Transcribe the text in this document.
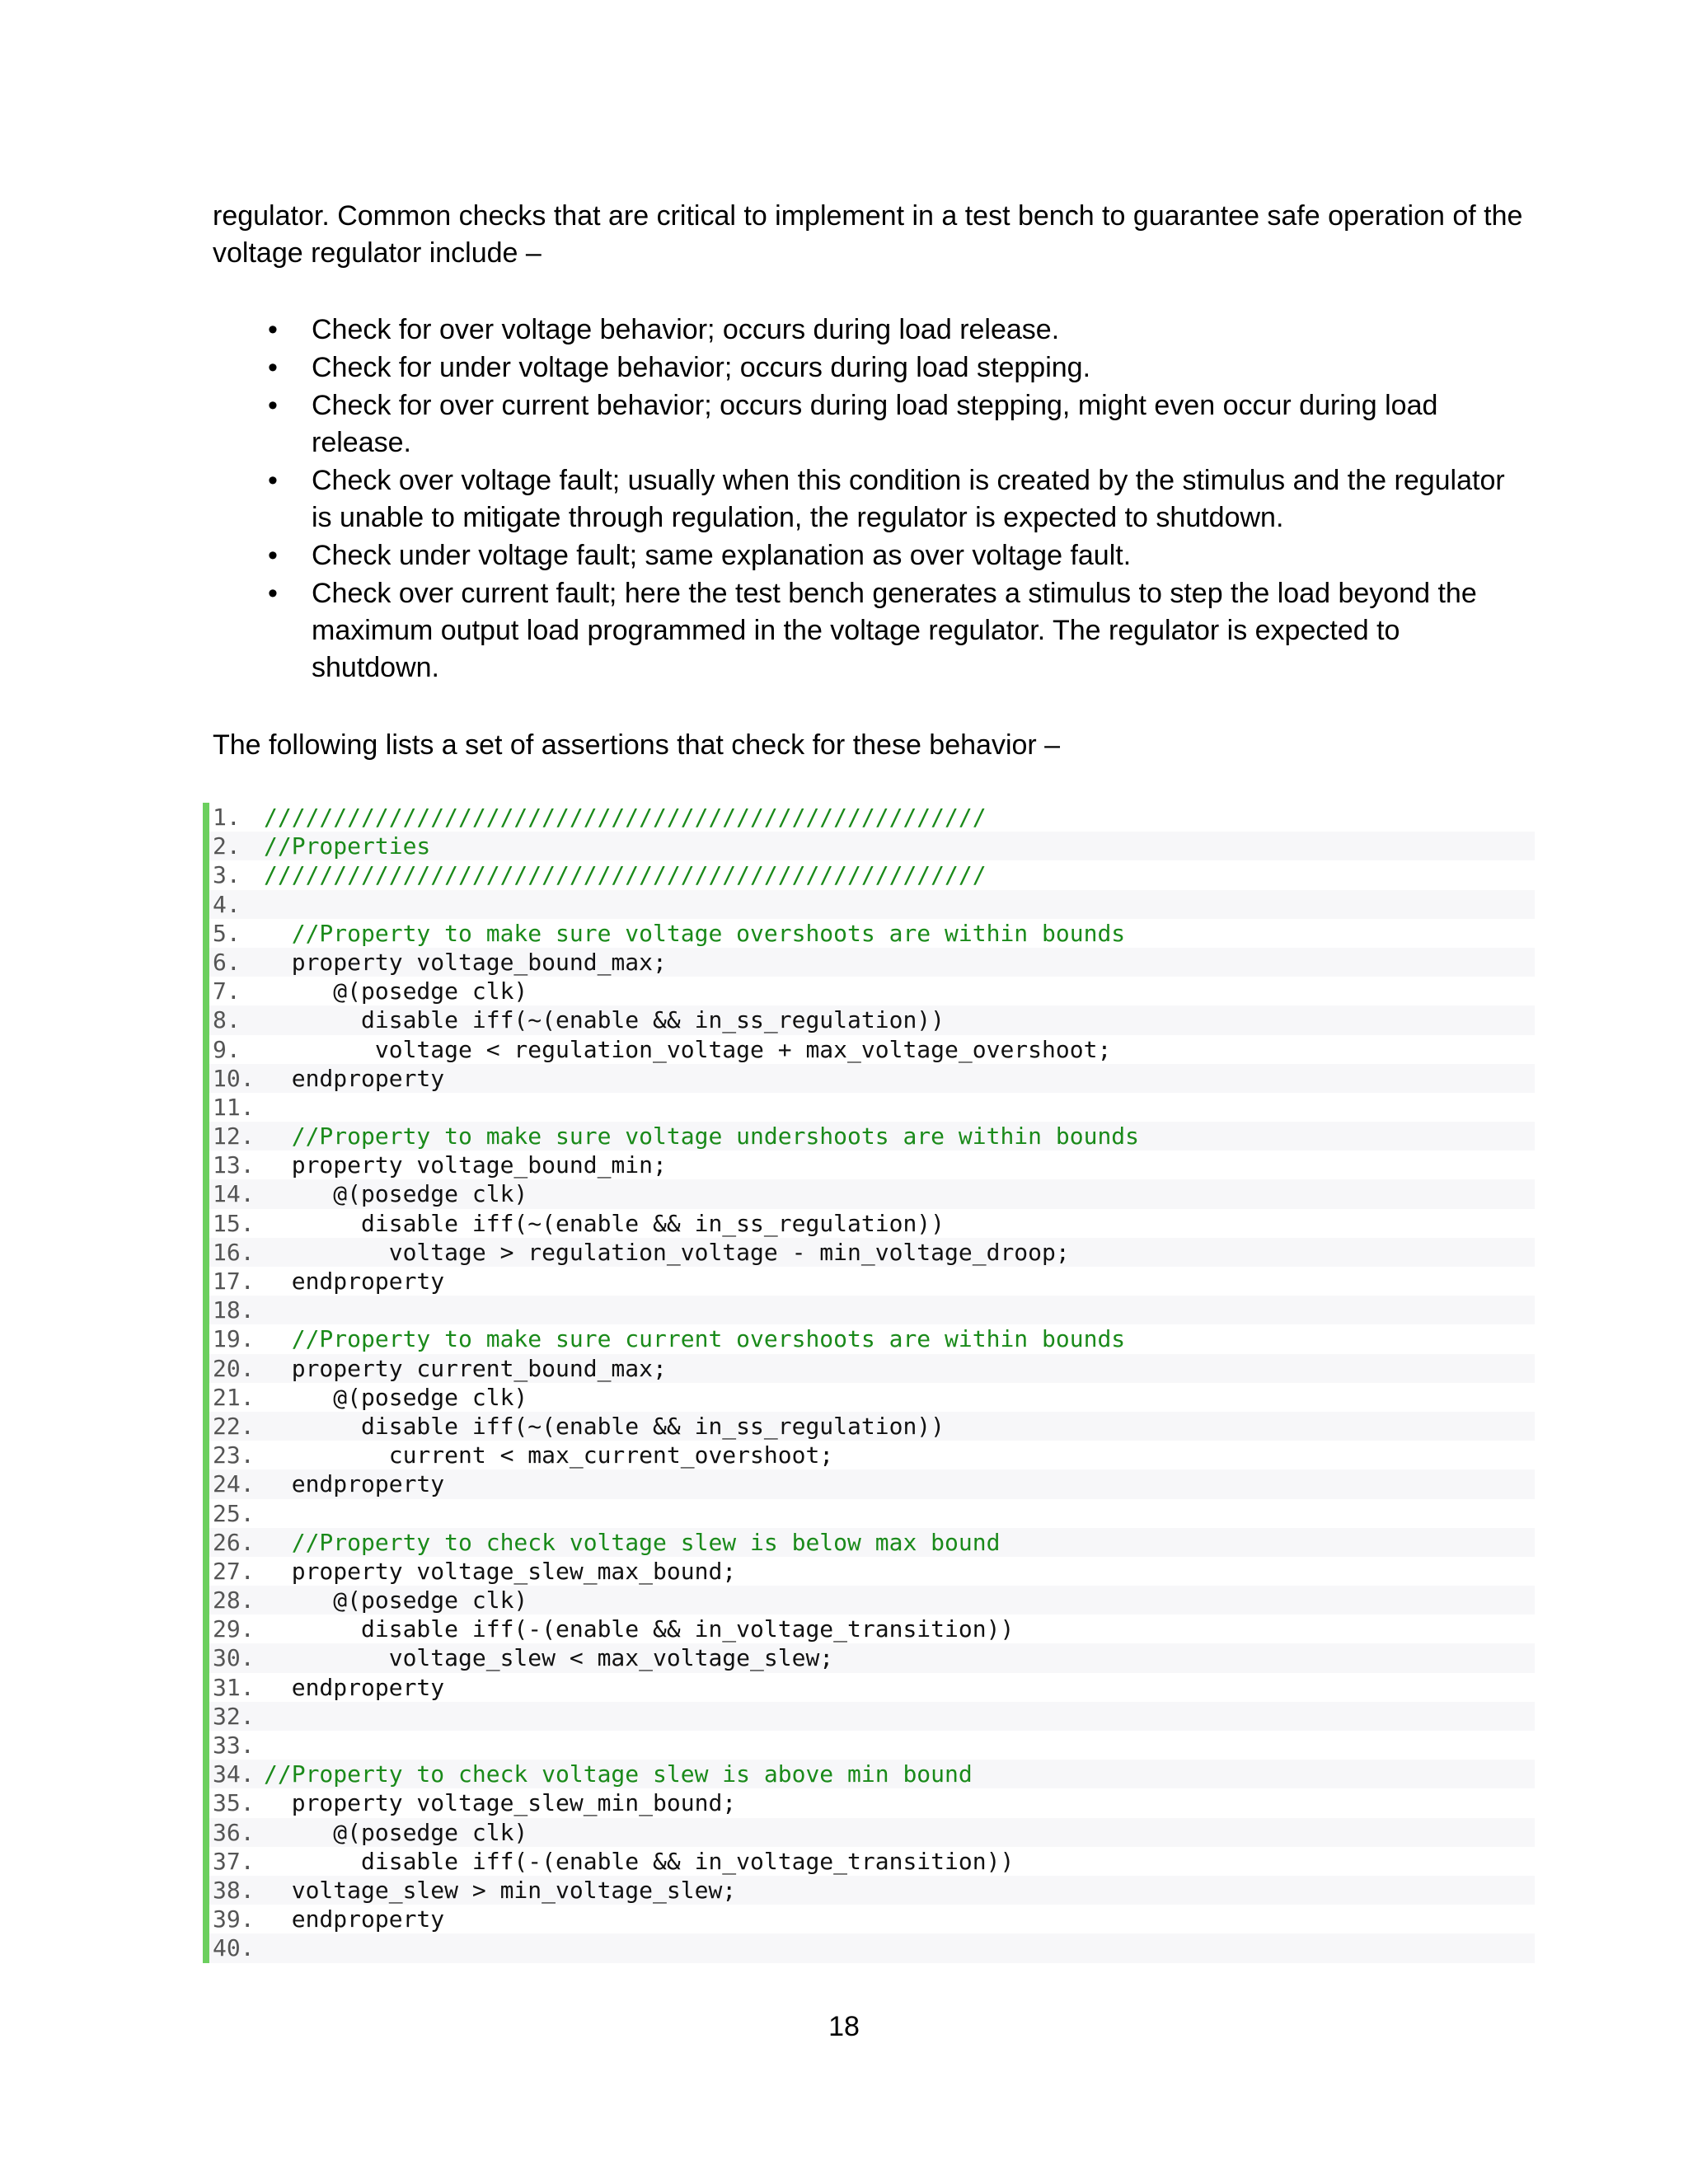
regulator. Common checks that are critical to implement in a test bench to guarantee safe operation of the voltage regulator include –

• Check for over voltage behavior; occurs during load release.
• Check for under voltage behavior; occurs during load stepping.
• Check for over current behavior; occurs during load stepping, might even occur during load release.
• Check over voltage fault; usually when this condition is created by the stimulus and the regulator is unable to mitigate through regulation, the regulator is expected to shutdown.
• Check under voltage fault; same explanation as over voltage fault.
• Check over current fault; here the test bench generates a stimulus to step the load beyond the maximum output load programmed in the voltage regulator. The regulator is expected to shutdown.

The following lists a set of assertions that check for these behavior –

1.	////////////////////////////////////////////////////
2.	//Properties
3.	////////////////////////////////////////////////////
4.
5.	//Property to make sure voltage overshoots are within bounds
6.	property voltage_bound_max;
7.	@(posedge clk)
8.	disable iff(~(enable && in_ss_regulation))
9.	voltage < regulation_voltage + max_voltage_overshoot;
10. endproperty
11.
12. //Property to make sure voltage undershoots are within bounds
13. property voltage_bound_min;
14. @(posedge clk)
15. disable iff(~(enable && in_ss_regulation))
16. voltage > regulation_voltage - min_voltage_droop;
17. endproperty
18.
19. //Property to make sure current overshoots are within bounds
20. property current_bound_max;
21. @(posedge clk)
22. disable iff(~(enable && in_ss_regulation))
23. current < max_current_overshoot;
24. endproperty
25.
26. //Property to check voltage slew is below max bound
27. property voltage_slew_max_bound;
28. @(posedge clk)
29. disable iff(-(enable && in_voltage_transition))
30. voltage_slew < max_voltage_slew;
31. endproperty
32.
33.
34. //Property to check voltage slew is above min bound
35. property voltage_slew_min_bound;
36. @(posedge clk)
37. disable iff(-(enable && in_voltage_transition))
38. voltage_slew > min_voltage_slew;
39. endproperty
40.
18
